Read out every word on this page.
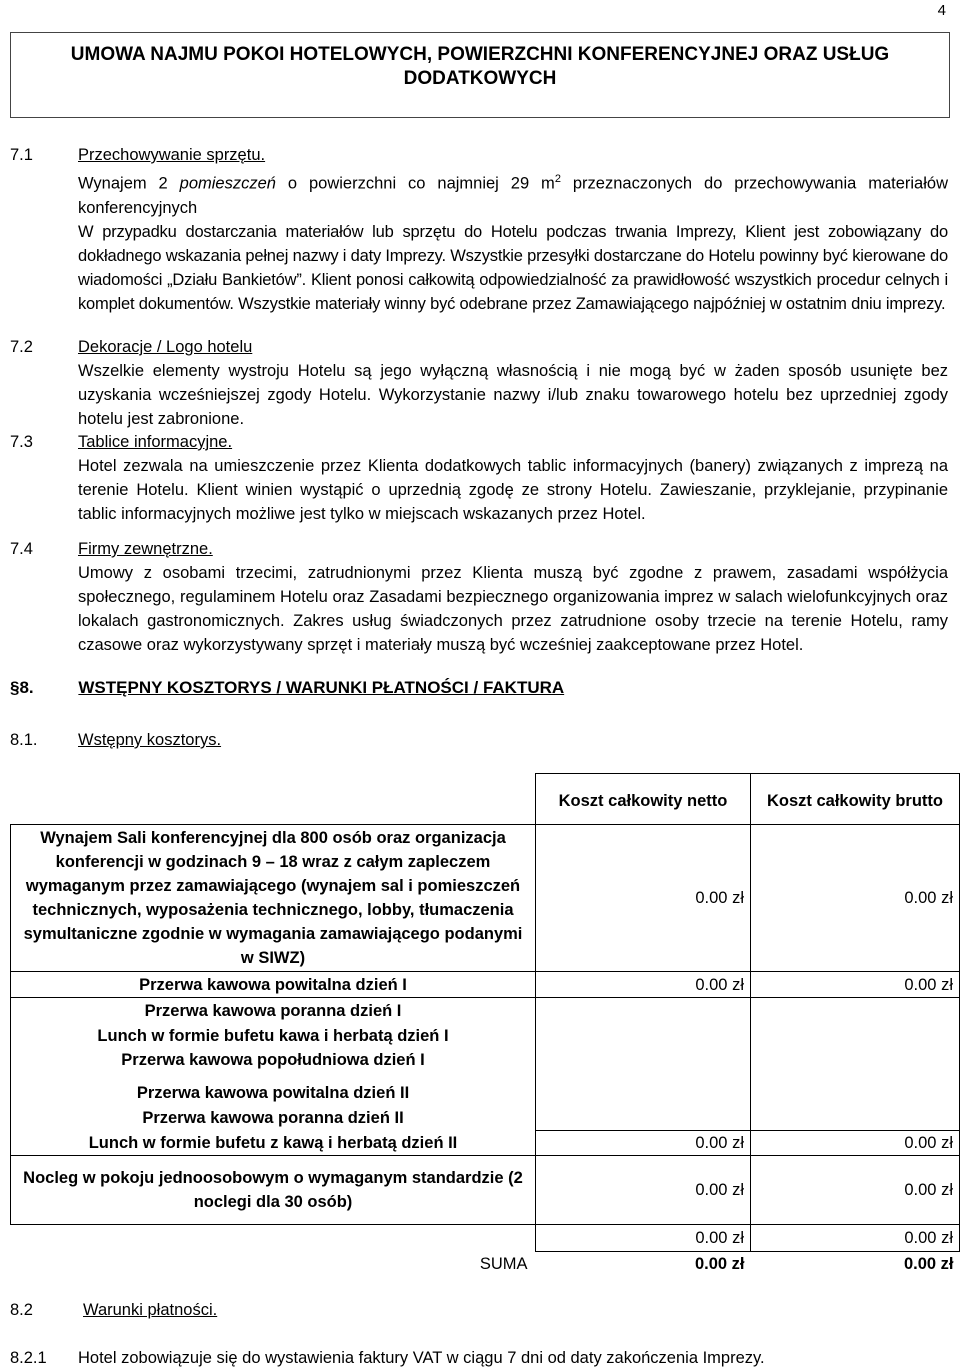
4
UMOWA NAJMU POKOI HOTELOWYCH, POWIERZCHNI KONFERENCYJNEJ ORAZ USŁUG
DODATKOWYCH
7.1	Przechowywanie sprzętu.

Wynajem 2 pomieszczeń o powierzchni co najmniej 29 $m^2$ przeznaczonych do przechowywania materiałów konferencyjnych

W przypadku dostarczania materiałów lub sprzętu do Hotelu podczas trwania Imprezy, Klient jest zobowiązany do dokładnego wskazania pełnej nazwy i daty Imprezy. Wszystkie przesyłki dostarczane do Hotelu powinny być kierowane do wiadomości „Działu Bankietów”. Klient ponosi całkowitą odpowiedzialność za prawidłowość wszystkich procedur celnych i komplet dokumentów. Wszystkie materiały winny być odebrane przez Zamawiającego najpóźniej w ostatnim dniu imprezy.

7.2	Dekoracje / Logo hotelu
Wszelkie elementy wystroju Hotelu są jego wyłączną własnością i nie mogą być w żaden sposób usunięte bez uzyskania wcześniejszej zgody Hotelu. Wykorzystanie nazwy i/lub znaku towarowego hotelu bez uprzedniej zgody hotelu jest zabronione.
7.3	Tablice informacyjne.
Hotel zezwala na umieszczenie przez Klienta dodatkowych tablic informacyjnych (banery) związanych z imprezą na terenie Hotelu. Klient winien wystąpić o uprzednią zgodę ze strony Hotelu. Zawieszanie, przyklejanie, przypinanie tablic informacyjnych możliwe jest tylko w miejscach wskazanych przez Hotel.
7.4	Firmy zewnętrzne.
Umowy z osobami trzecimi, zatrudnionymi przez Klienta muszą być zgodne z prawem, zasadami współżycia społecznego, regulaminem Hotelu oraz Zasadami bezpiecznego organizowania imprez w salach wielofunkcyjnych oraz lokalach gastronomicznych. Zakres usług świadczonych przez zatrudnione osoby trzecie na terenie Hotelu, ramy czasowe oraz wykorzystywany sprzęt i materiały muszą być wcześniej zaakceptowane przez Hotel.
§8.	WSTĘPNY KOSZTORYS / WARUNKI PŁATNOŚCI / FAKTURA
8.1. Wstępny kosztorys.
	Koszt całkowity netto	Koszt całkowity brutto
Wynajem Sali konferencyjnej dla 800 osób oraz organizacja konferencji w godzinach 9 – 18 wraz z całym zapleczem wymaganym przez zamawiającego (wynajem sal i pomieszczeń technicznych, wyposażenia technicznego, lobby, tłumaczenia symultaniczne zgodnie w wymagania zamawiającego podanymi w SIWZ)	0.00 zł	0.00 zł
Przerwa kawowa powitalna dzień I	0.00 zł	0.00 zł
Przerwa kawowa poranna dzień I		
Lunch w formie bufetu kawa i herbatą dzień I		
Przerwa kawowa popołudniowa dzień I		
Przerwa kawowa powitalna dzień II		
Przerwa kawowa poranna dzień II		
Lunch w formie bufetu z kawą i herbatą dzień II	0.00 zł	0.00 zł
Nocleg w pokoju jednoosobowym o wymaganym standardzie (2 noclegi dla 30 osób)	0.00 zł	0.00 zł
	0.00 zł	0.00 zł
SUMA	0.00 zł	0.00 zł
8.2	Warunki płatności.
8.2.1 Hotel zobowiązuje się do wystawienia faktury VAT w ciągu 7 dni od daty zakończenia Imprezy.
